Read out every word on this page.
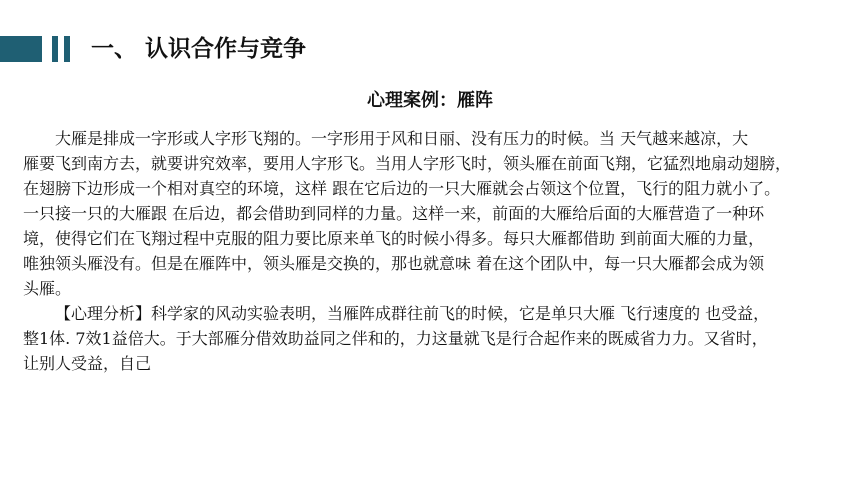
一、 认识合作与竞争
心理案例：雁阵
大雁是排成一字形或人字形飞翔的。一字形用于风和日丽、没有压力的时候。当 天气越来越凉，大
雁要飞到南方去，就要讲究效率，要用人字形飞。当用人字形飞时，领头雁在前面飞翔，它猛烈地扇动翅膀，
在翅膀下边形成一个相对真空的环境，这样 跟在它后边的一只大雁就会占领这个位置，飞行的阻力就小了。
一只接一只的大雁跟 在后边，都会借助到同样的力量。这样一来，前面的大雁给后面的大雁营造了一种环
境，使得它们在飞翔过程中克服的阻力要比原来单飞的时候小得多。每只大雁都借助 到前面大雁的力量，
唯独领头雁没有。但是在雁阵中，领头雁是交换的，那也就意味 着在这个团队中，每一只大雁都会成为领
头雁。
【心理分析】科学家的风动实验表明，当雁阵成群往前飞的时候，它是单只大雁 飞行速度的 也受益，
整1体. 7效1益倍大。于大部雁分借效助益同之伴和的，力这量就飞是行合起作来的既威省力力。又省时，
让别人受益，自己
